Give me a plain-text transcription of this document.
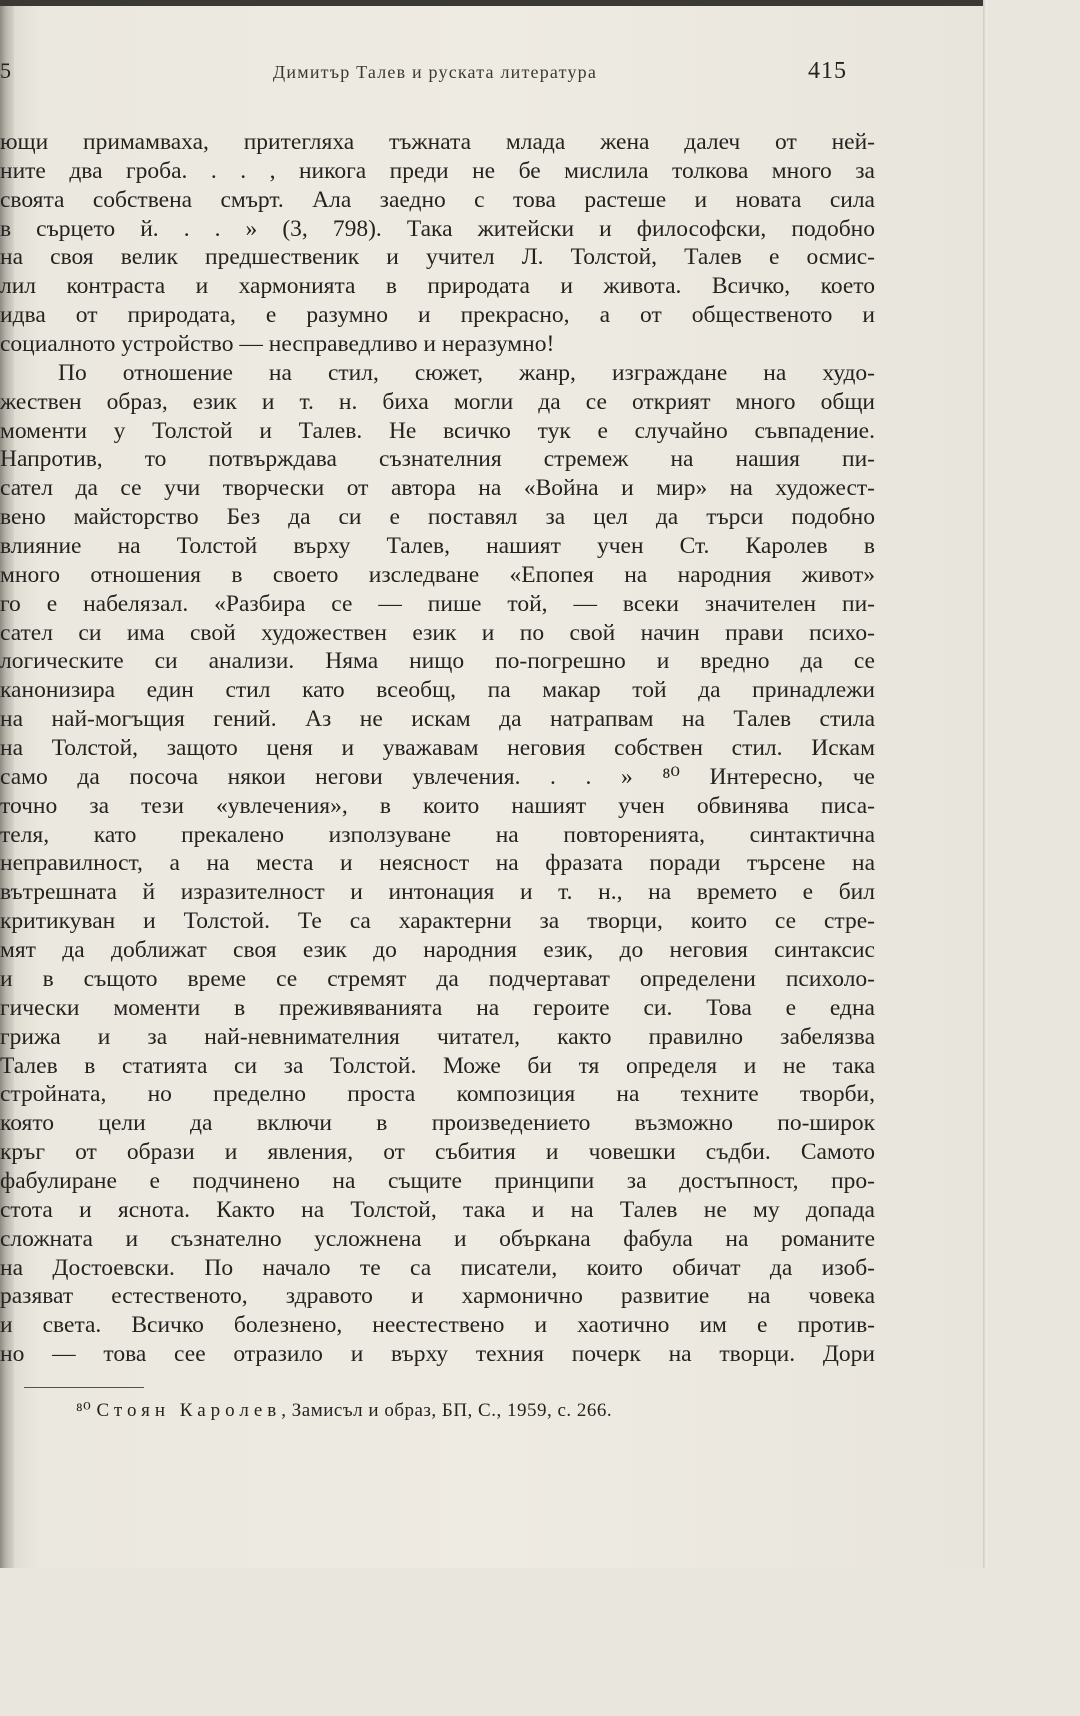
5	Димитър Талев и руската литература	415
ющи примамваха, притегляха тъжната млада жена далеч от ней-
ните два гроба. . . , никога преди не бе мислила толкова много за
своята собствена смърт. Ала заедно с това растеше и новата сила
в сърцето й. . . » (3, 798). Така житейски и философски, подобно
на своя велик предшественик и учител Л. Толстой, Талев е осмис-
лил контраста и хармонията в природата и живота. Всичко, което
идва от природата, е разумно и прекрасно, а от общественото и
социалното устройство — несправедливо и неразумно!
По отношение на стил, сюжет, жанр, изграждане на худо-
жествен образ, език и т. н. биха могли да се открият много общи
моменти у Толстой и Талев. Не всичко тук е случайно съвпадение.
Напротив, то потвърждава съзнателния стремеж на нашия пи-
сател да се учи творчески от автора на «Война и мир» на художест-
вено майсторство Без да си е поставял за цел да търси подобно
влияние на Толстой върху Талев, нашият учен Ст. Каролев в
много отношения в своето изследване «Епопея на народния живот»
го е набелязал. «Разбира се — пише той, — всеки значителен пи-
сател си има свой художествен език и по свой начин прави психо-
логическите си анализи. Няма нищо по-погрешно и вредно да се
канонизира един стил като всеобщ, па макар той да принадлежи
на най-могъщия гений. Аз не искам да натрапвам на Талев стила
на Толстой, защото ценя и уважавам неговия собствен стил. Искам
само да посоча някои негови увлечения. . . » ⁸⁰ Интересно, че
точно за тези «увлечения», в които нашият учен обвинява писа-
теля, като прекалено използуване на повторенията, синтактична
неправилност, а на места и неясност на фразата поради търсене на
вътрешната й изразителност и интонация и т. н., на времето е бил
критикуван и Толстой. Те са характерни за творци, които се стре-
мят да доближат своя език до народния език, до неговия синтаксис
и в същото време се стремят да подчертават определени психоло-
гически моменти в преживяванията на героите си. Това е една
грижа и за най-невнимателния читател, както правилно забелязва
Талев в статията си за Толстой. Може би тя определя и не така
стройната, но пределно проста композиция на техните творби,
която цели да включи в произведението възможно по-широк
кръг от образи и явления, от събития и човешки съдби. Самото
фабулиране е подчинено на същите принципи за достъпност, про-
стота и яснота. Както на Толстой, така и на Талев не му допада
сложната и съзнателно усложнена и объркана фабула на романите
на Достоевски. По начало те са писатели, които обичат да изоб-
разяват естественото, здравото и хармонично развитие на човека
и света. Всичко болезнено, неестествено и хаотично им е против-
но — това сее отразило и върху техния почерк на творци. Дори
⁸⁰ Стоян Каролев, Замисъл и образ, БП, С., 1959, с. 266.
